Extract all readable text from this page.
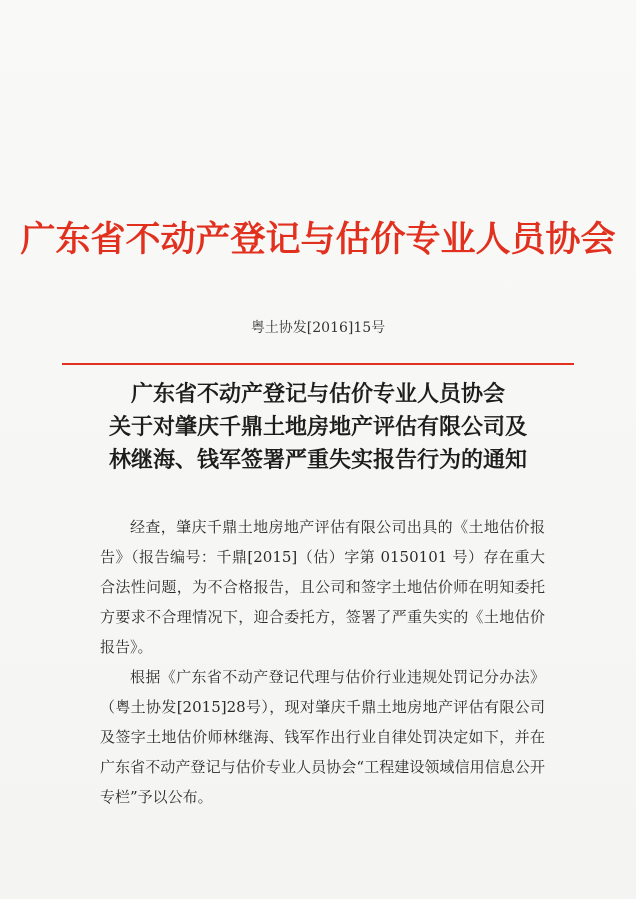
广东省不动产登记与估价专业人员协会
粤土协发[2016]15号
广东省不动产登记与估价专业人员协会
关于对肇庆千鼎土地房地产评估有限公司及
林继海、钱军签署严重失实报告行为的通知

经查，肇庆千鼎土地房地产评估有限公司出具的《土地估价报告》（报告编号：千鼎[2015]（估）字第 0150101 号）存在重大合法性问题，为不合格报告，且公司和签字土地估价师在明知委托方要求不合理情况下，迎合委托方，签署了严重失实的《土地估价报告》。

根据《广东省不动产登记代理与估价行业违规处罚记分办法》（粤土协发[2015]28号），现对肇庆千鼎土地房地产评估有限公司及签字土地估价师林继海、钱军作出行业自律处罚决定如下，并在广东省不动产登记与估价专业人员协会“工程建设领域信用信息公开专栏”予以公布。
